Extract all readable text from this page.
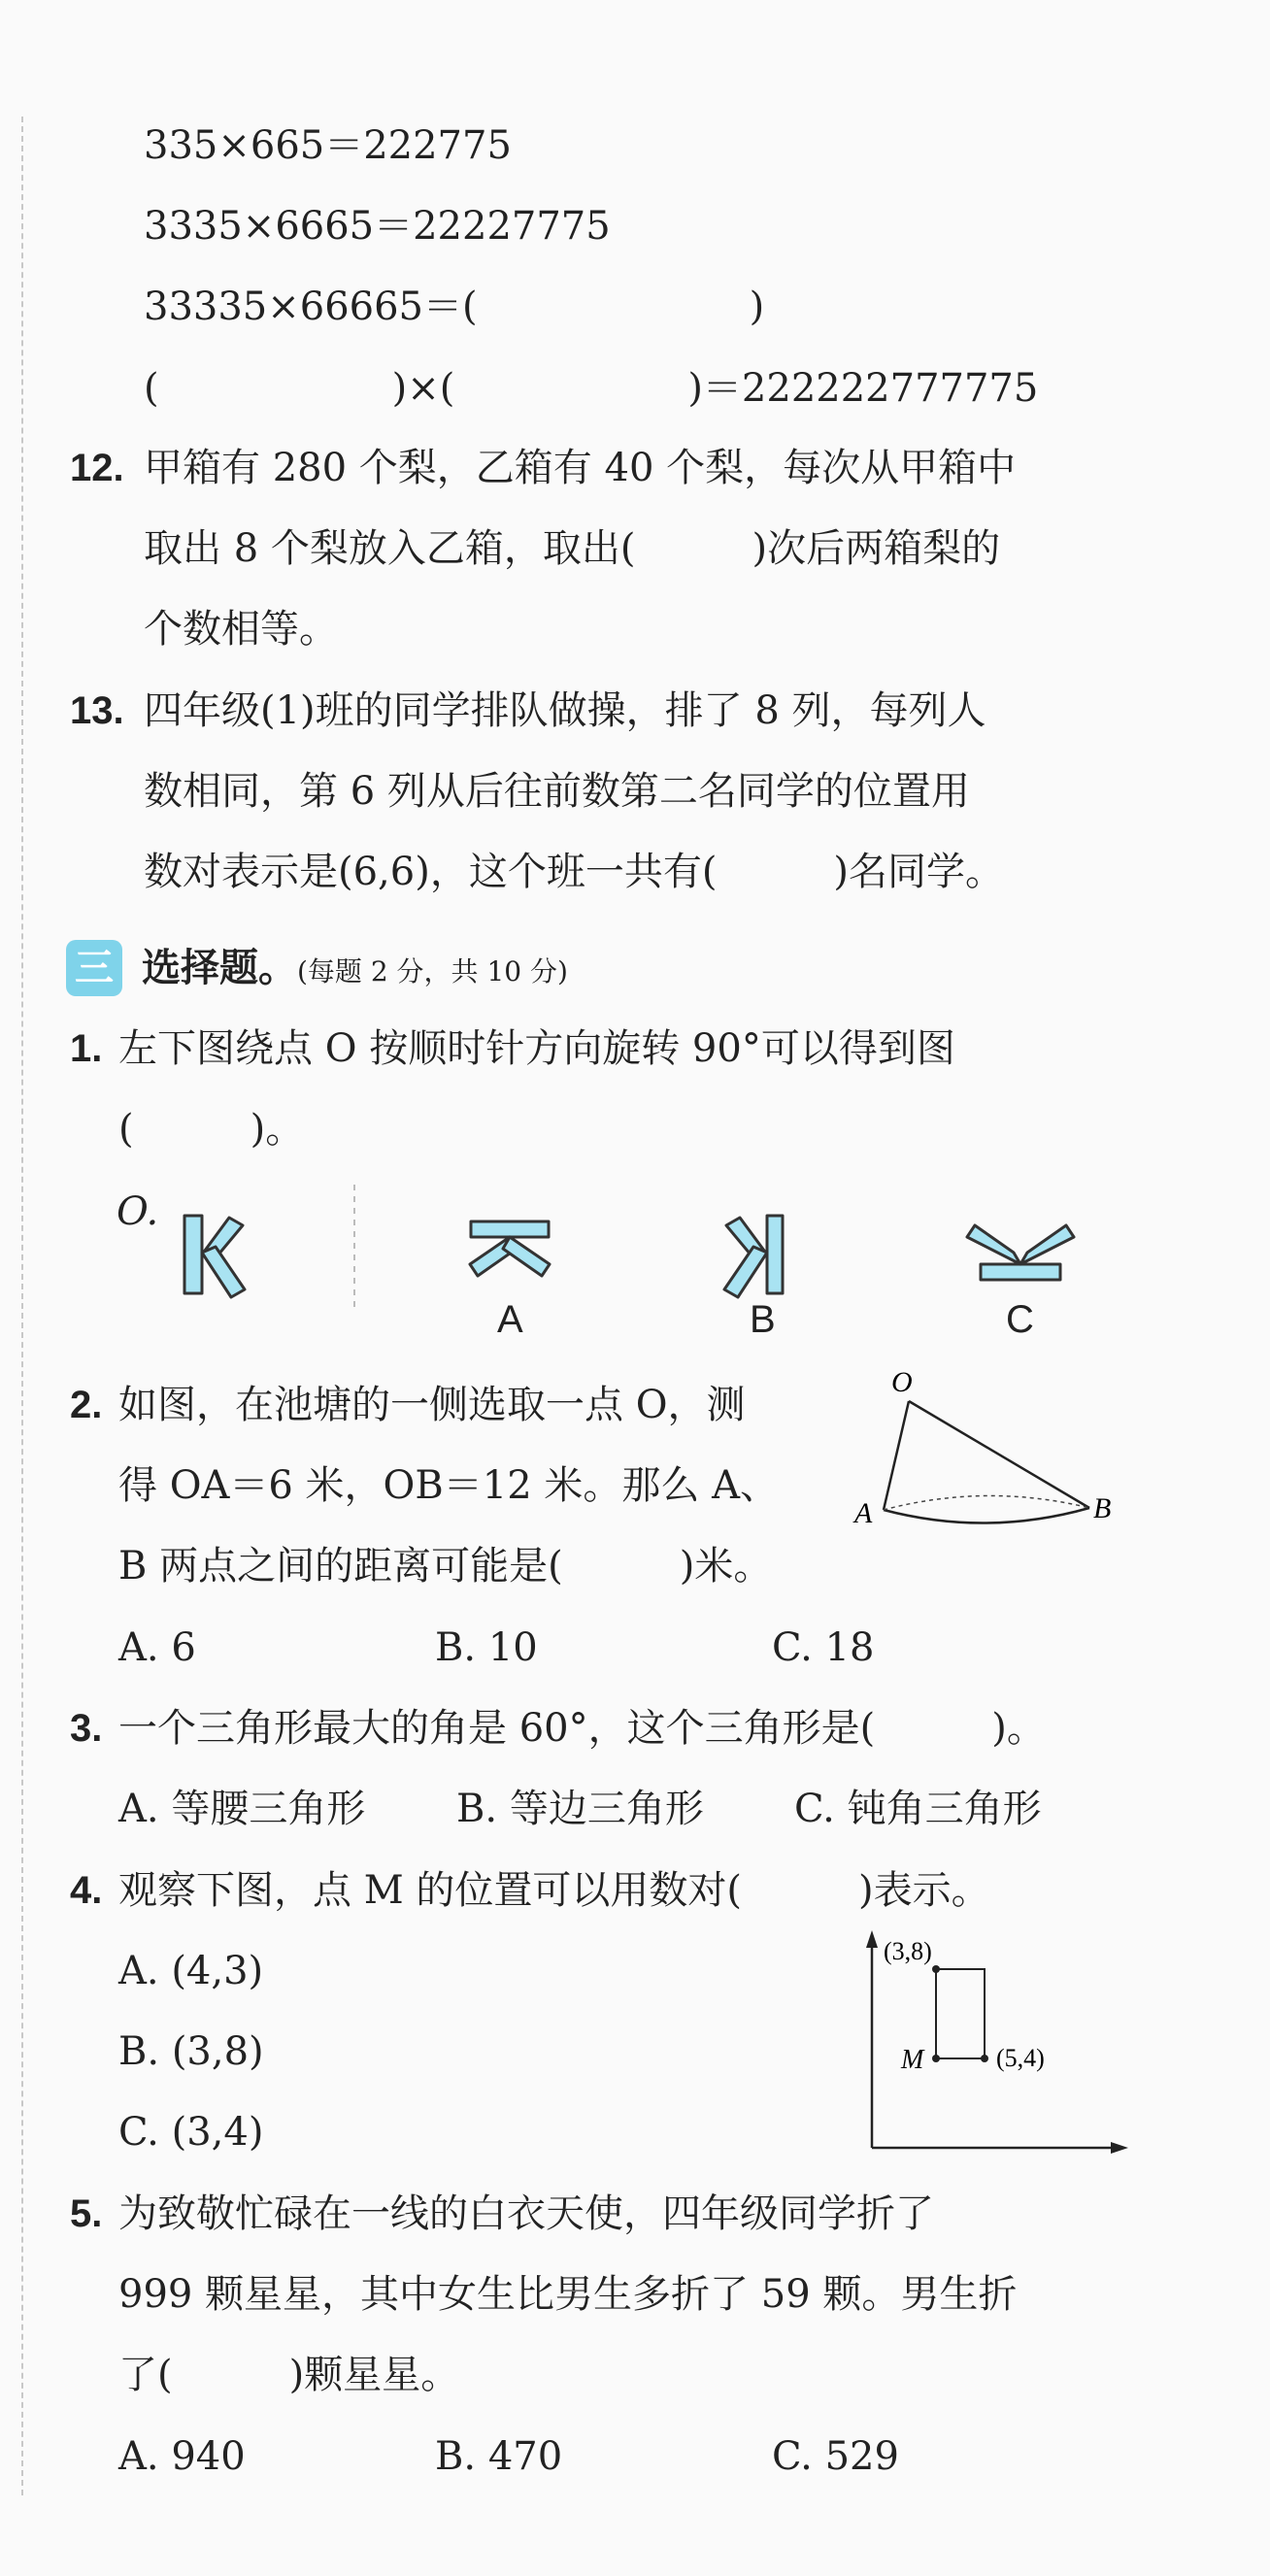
335×665＝222775
3335×6665＝22227775
33335×66665＝(　　　　　　　)
(　　　　　　)×(　　　　　　)＝222222777775
12. 甲箱有 280 个梨，乙箱有 40 个梨，每次从甲箱中
取出 8 个梨放入乙箱，取出(　　　)次后两箱梨的
个数相等。
13. 四年级(1)班的同学排队做操，排了 8 列，每列人
数相同，第 6 列从后往前数第二名同学的位置用
数对表示是(6,6)，这个班一共有(　　　)名同学。
三 选择题。(每题 2 分，共 10 分)
1. 左下图绕点 O 按顺时针方向旋转 90°可以得到图
(　　　)。
O.
A	B	C
2. 如图，在池塘的一侧选取一点 O，测
得 OA＝6 米，OB＝12 米。那么 A、
B 两点之间的距离可能是(　　　)米。
O
A	B
A. 6	B. 10	C. 18
3. 一个三角形最大的角是 60°，这个三角形是(　　　)。
A. 等腰三角形 B. 等边三角形 C. 钝角三角形
4. 观察下图，点 M 的位置可以用数对(　　　)表示。
A. (4,3)
B. (3,8)
C. (3,4)
(3,8)
M	(5,4)
5. 为致敬忙碌在一线的白衣天使，四年级同学折了
999 颗星星，其中女生比男生多折了 59 颗。男生折
了(　　　)颗星星。
A. 940	B. 470	C. 529
